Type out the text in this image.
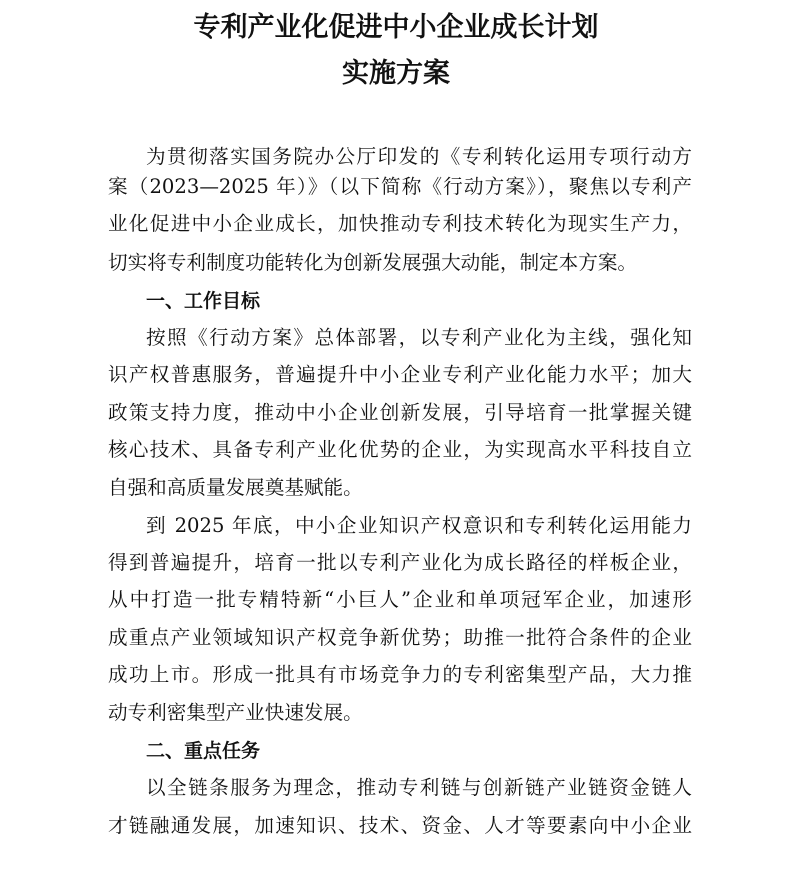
专利产业化促进中小企业成长计划
实施方案
为贯彻落实国务院办公厅印发的《专利转化运用专项行动方
案（2023—2025 年）》（以下简称《行动方案》），聚焦以专利产
业化促进中小企业成长，加快推动专利技术转化为现实生产力，
切实将专利制度功能转化为创新发展强大动能，制定本方案。
一、工作目标
按照《行动方案》总体部署，以专利产业化为主线，强化知
识产权普惠服务，普遍提升中小企业专利产业化能力水平；加大
政策支持力度，推动中小企业创新发展，引导培育一批掌握关键
核心技术、具备专利产业化优势的企业，为实现高水平科技自立
自强和高质量发展奠基赋能。
到 2025 年底，中小企业知识产权意识和专利转化运用能力
得到普遍提升，培育一批以专利产业化为成长路径的样板企业，
从中打造一批专精特新“小巨人”企业和单项冠军企业，加速形
成重点产业领域知识产权竞争新优势；助推一批符合条件的企业
成功上市。形成一批具有市场竞争力的专利密集型产品，大力推
动专利密集型产业快速发展。
二、重点任务
以全链条服务为理念，推动专利链与创新链产业链资金链人
才链融通发展，加速知识、技术、资金、人才等要素向中小企业
